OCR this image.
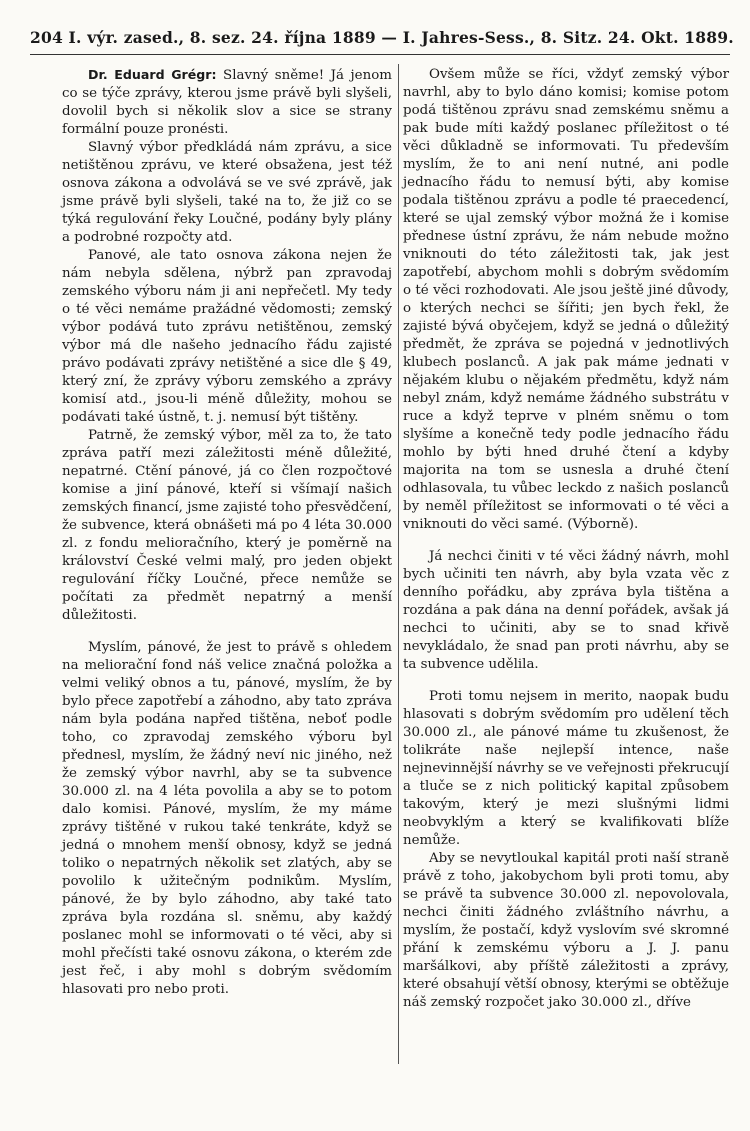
204 I. výr. zased., 8. sez. 24. října 1889 — I. Jahres-Sess., 8. Sitz. 24. Okt. 1889.

Dr. Eduard Grégr: Slavný sněme! Já jenom co se týče zprávy, kterou jsme právě byli slyšeli, dovolil bych si několik slov a sice se strany formální pouze pronésti.

Slavný výbor předkládá nám zprávu, a sice netištěnou zprávu, ve které obsažena, jest též osnova zákona a odvolává se ve své zprávě, jak jsme právě byli slyšeli, také na to, že již co se týká regulování řeky Loučné, podány byly plány a podrobné rozpočty atd.

Panové, ale tato osnova zákona nejen že nám nebyla sdělena, nýbrž pan zpravodaj zemského výboru nám ji ani nepřečetl. My tedy o té věci nemáme pražádné vědomosti; zemský výbor podává tuto zprávu netištěnou, zemský výbor má dle našeho jednacího řádu zajisté právo podávati zprávy netištěné a sice dle § 49, který zní, že zprávy výboru zemského a zprávy komisí atd., jsou-li méně důležity, mohou se podávati také ústně, t. j. nemusí být tištěny.

Patrně, že zemský výbor, měl za to, že tato zpráva patří mezi záležitosti méně důležité, nepatrné. Ctění pánové, já co člen rozpočtové komise a jiní pánové, kteří si všímají našich zemských financí, jsme zajisté toho přesvědčení, že subvence, která obnášeti má po 4 léta 30.000 zl. z fondu melioračního, který je poměrně na království České velmi malý, pro jeden objekt regulování říčky Loučné, přece nemůže se počítati za předmět nepatrný a menší důležitosti.

Myslím, pánové, že jest to právě s ohledem na meliorační fond náš velice značná položka a velmi veliký obnos a tu, pánové, myslím, že by bylo přece zapotřebí a záhodno, aby tato zpráva nám byla podána napřed tištěna, neboť podle toho, co zpravodaj zemského výboru byl přednesl, myslím, že žádný neví nic jiného, než že zemský výbor navrhl, aby se ta subvence 30.000 zl. na 4 léta povolila a aby se to potom dalo komisi. Pánové, myslím, že my máme zprávy tištěné v rukou také tenkráte, když se jedná o mnohem menší obnosy, když se jedná toliko o nepatrných několik set zlatých, aby se povolilo k užitečným podnikům. Myslím, pánové, že by bylo záhodno, aby také tato zpráva byla rozdána sl. sněmu, aby každý poslanec mohl se informovati o té věci, aby si mohl přečísti také osnovu zákona, o kterém zde jest řeč, i aby mohl s dobrým svědomím hlasovati pro nebo proti.

Ovšem může se říci, vždyť zemský výbor navrhl, aby to bylo dáno komisi; komise potom podá tištěnou zprávu snad zemskému sněmu a pak bude míti každý poslanec příležitost o té věci důkladně se informovati. Tu především myslím, že to ani není nutné, ani podle jednacího řádu to nemusí býti, aby komise podala tištěnou zprávu a podle té praecedencí, které se ujal zemský výbor možná že i komise přednese ústní zprávu, že nám nebude možno vniknouti do této záležitosti tak, jak jest zapotřebí, abychom mohli s dobrým svědomím o té věci rozhodovati. Ale jsou ještě jiné důvody, o kterých nechci se šířiti; jen bych řekl, že zajisté bývá obyčejem, když se jedná o důležitý předmět, že zpráva se pojedná v jednotlivých klubech poslanců. A jak pak máme jednati v nějakém klubu o nějakém předmětu, když nám nebyl znám, když nemáme žádného substrátu v ruce a když teprve v plném sněmu o tom slyšíme a konečně tedy podle jednacího řádu mohlo by býti hned druhé čtení a kdyby majorita na tom se usnesla a druhé čtení odhlasovala, tu vůbec leckdo z našich poslanců by neměl příležitost se informovati o té věci a vniknouti do věci samé. (Výborně).

Já nechci činiti v té věci žádný návrh, mohl bych učiniti ten návrh, aby byla vzata věc z denního pořádku, aby zpráva byla tištěna a rozdána a pak dána na denní pořádek, avšak já nechci to učiniti, aby se to snad křivě nevykládalo, že snad pan proti návrhu, aby se ta subvence udělila.

Proti tomu nejsem in merito, naopak budu hlasovati s dobrým svědomím pro udělení těch 30.000 zl., ale pánové máme tu zkušenost, že tolikráte naše nejlepší intence, naše nejnevinnější návrhy se ve veřejnosti překrucují a tluče se z nich politický kapital způsobem takovým, který je mezi slušnými lidmi neobvyklým a který se kvalifikovati blíže nemůže.

Aby se nevytloukal kapitál proti naší straně právě z toho, jakobychom byli proti tomu, aby se právě ta subvence 30.000 zl. nepovolovala, nechci činiti žádného zvláštního návrhu, a myslím, že postačí, když vyslovím své skromné přání k zemskému výboru a J. J. panu maršálkovi, aby příště záležitosti a zprávy, které obsahují větší obnosy, kterými se obtěžuje náš zemský rozpočet jako 30.000 zl., dříve
